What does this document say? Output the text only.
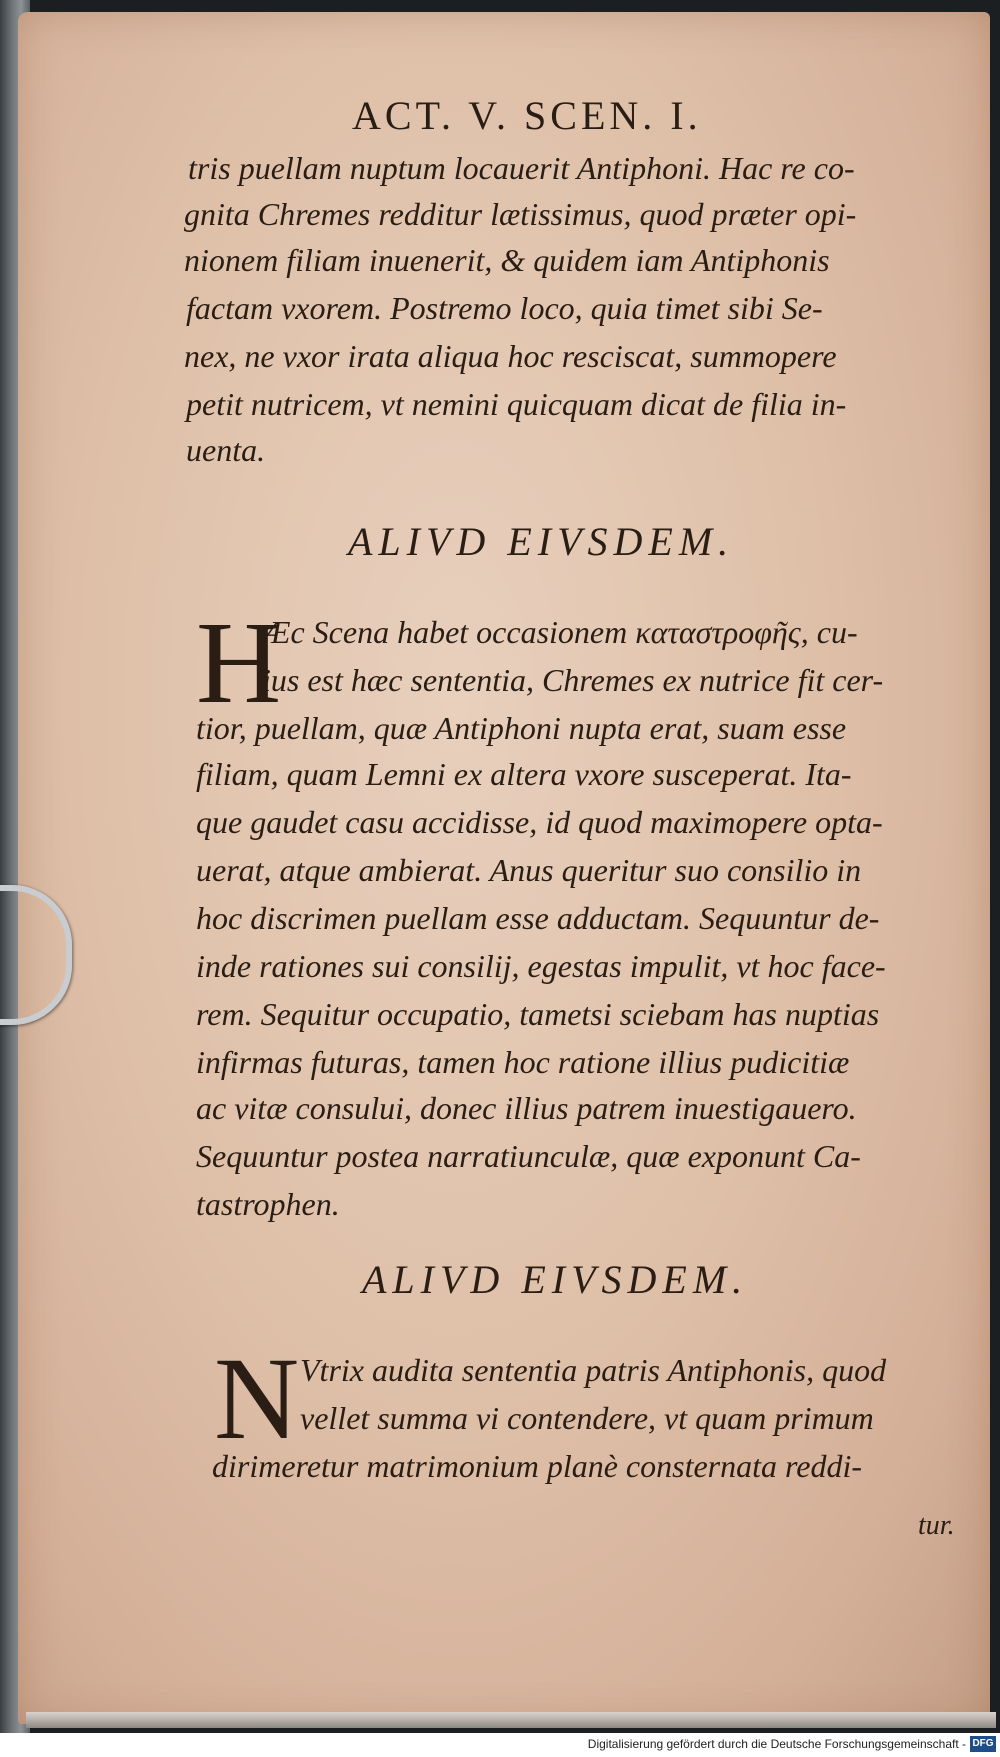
ACT. V. SCEN. I.
tris puellam nuptum locauerit Antiphoni. Hac re co-
gnita Chremes redditur lætissimus, quod præter opi-
nionem filiam inuenerit, & quidem iam Antiphonis
factam vxorem. Postremo loco, quia timet sibi Se-
nex, ne vxor irata aliqua hoc resciscat, summopere
petit nutricem, vt nemini quicquam dicat de filia in-
uenta.
ALIVD EIVSDEM.
H
Æc Scena habet occasionem καταστροφῆς, cu-
ius est hæc sententia, Chremes ex nutrice fit cer-
tior, puellam, quæ Antiphoni nupta erat, suam esse
filiam, quam Lemni ex altera vxore susceperat. Ita-
que gaudet casu accidisse, id quod maximopere opta-
uerat, atque ambierat. Anus queritur suo consilio in
hoc discrimen puellam esse adductam. Sequuntur de-
inde rationes sui consilij, egestas impulit, vt hoc face-
rem. Sequitur occupatio, tametsi sciebam has nuptias
infirmas futuras, tamen hoc ratione illius pudicitiæ
ac vitæ consului, donec illius patrem inuestigauero.
Sequuntur postea narratiunculæ, quæ exponunt Ca-
tastrophen.
ALIVD EIVSDEM.
N Vtrix audita sententia patris Antiphonis, quod
vellet summa vi contendere, vt quam primum
dirimeretur matrimonium planè consternata reddi-
tur.
Digitalisierung gefördert durch die Deutsche Forschungsgemeinschaft - DFG
